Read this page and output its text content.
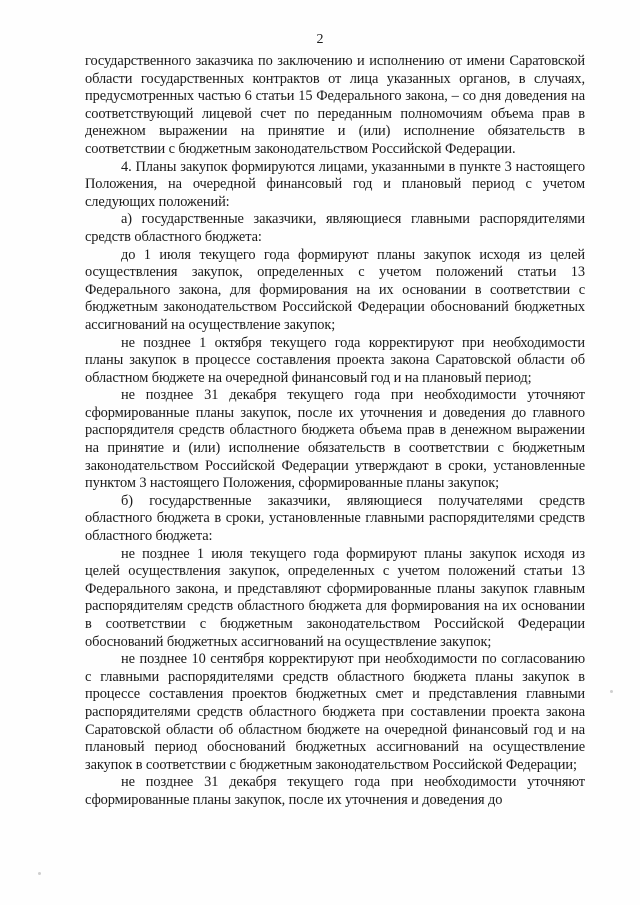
2

государственного заказчика по заключению и исполнению от имени Саратовской области государственных контрактов от лица указанных органов, в случаях, предусмотренных частью 6 статьи 15 Федерального закона, – со дня доведения на соответствующий лицевой счет по переданным полномочиям объема прав в денежном выражении на принятие и (или) исполнение обязательств в соответствии с бюджетным законодательством Российской Федерации.

4. Планы закупок формируются лицами, указанными в пункте 3 настоящего Положения, на очередной финансовый год и плановый период с учетом следующих положений:

а) государственные заказчики, являющиеся главными распорядителями средств областного бюджета:

до 1 июля текущего года формируют планы закупок исходя из целей осуществления закупок, определенных с учетом положений статьи 13 Федерального закона, для формирования на их основании в соответствии с бюджетным законодательством Российской Федерации обоснований бюджетных ассигнований на осуществление закупок;

не позднее 1 октября текущего года корректируют при необходимости планы закупок в процессе составления проекта закона Саратовской области об областном бюджете на очередной финансовый год и на плановый период;

не позднее 31 декабря текущего года при необходимости уточняют сформированные планы закупок, после их уточнения и доведения до главного распорядителя средств областного бюджета объема прав в денежном выражении на принятие и (или) исполнение обязательств в соответствии с бюджетным законодательством Российской Федерации утверждают в сроки, установленные пунктом 3 настоящего Положения, сформированные планы закупок;

б) государственные заказчики, являющиеся получателями средств областного бюджета в сроки, установленные главными распорядителями средств областного бюджета:

не позднее 1 июля текущего года формируют планы закупок исходя из целей осуществления закупок, определенных с учетом положений статьи 13 Федерального закона, и представляют сформированные планы закупок главным распорядителям средств областного бюджета для формирования на их основании в соответствии с бюджетным законодательством Российской Федерации обоснований бюджетных ассигнований на осуществление закупок;

не позднее 10 сентября корректируют при необходимости по согласованию с главными распорядителями средств областного бюджета планы закупок в процессе составления проектов бюджетных смет и представления главными распорядителями средств областного бюджета при составлении проекта закона Саратовской области об областном бюджете на очередной финансовый год и на плановый период обоснований бюджетных ассигнований на осуществление закупок в соответствии с бюджетным законодательством Российской Федерации;

не позднее 31 декабря текущего года при необходимости уточняют сформированные планы закупок, после их уточнения и доведения до
